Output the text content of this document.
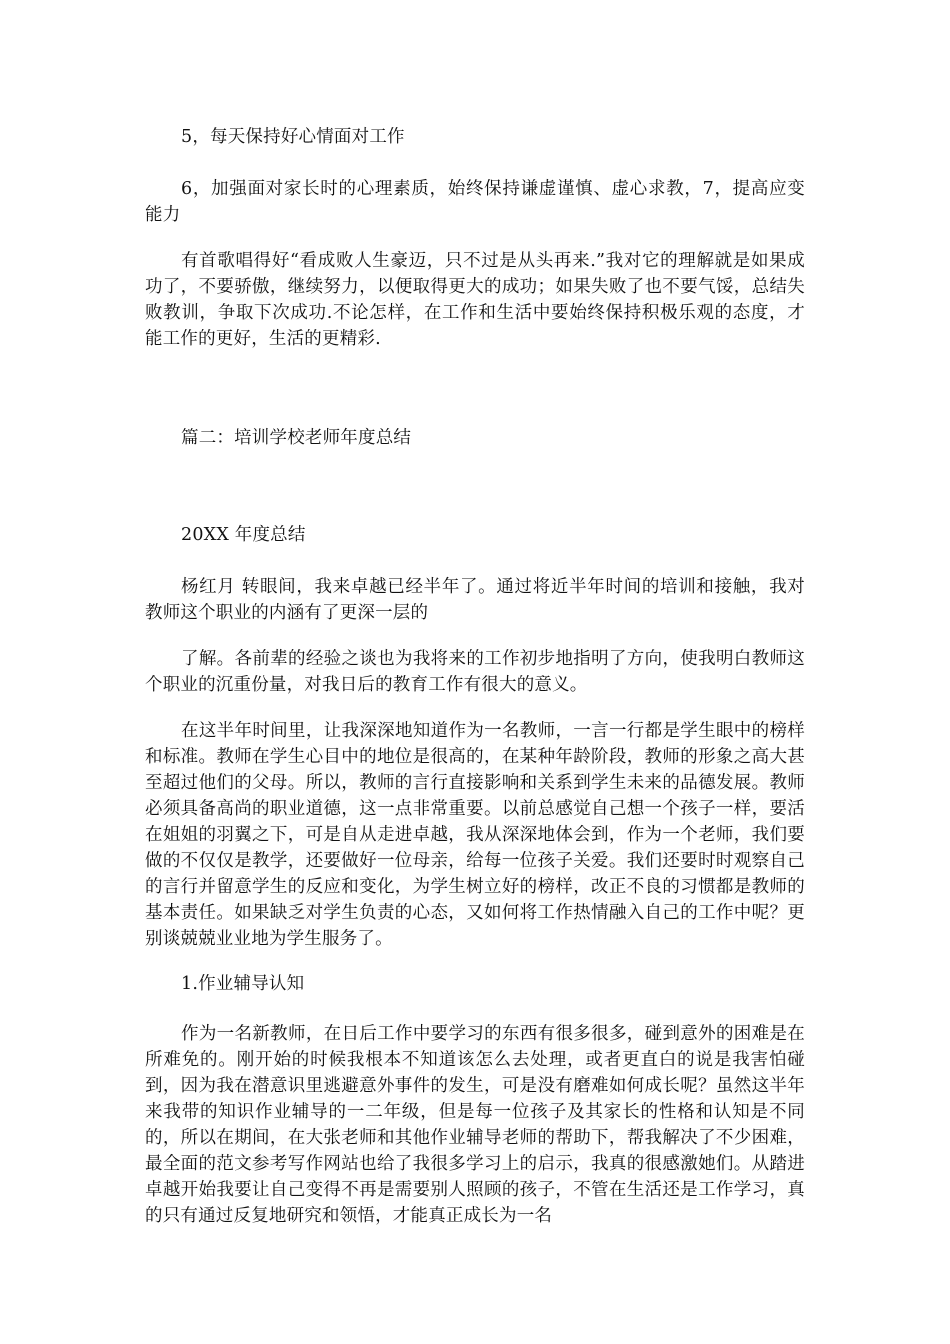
5，每天保持好心情面对工作

6，加强面对家长时的心理素质，始终保持谦虚谨慎、虚心求教，7，提高应变能力

有首歌唱得好“看成败人生豪迈，只不过是从头再来.”我对它的理解就是如果成功了，不要骄傲，继续努力，以便取得更大的成功；如果失败了也不要气馁，总结失败教训，争取下次成功.不论怎样，在工作和生活中要始终保持积极乐观的态度，才能工作的更好，生活的更精彩.

篇二：培训学校老师年度总结

20XX 年度总结

杨红月 转眼间，我来卓越已经半年了。通过将近半年时间的培训和接触，我对教师这个职业的内涵有了更深一层的

了解。各前辈的经验之谈也为我将来的工作初步地指明了方向，使我明白教师这个职业的沉重份量，对我日后的教育工作有很大的意义。

在这半年时间里，让我深深地知道作为一名教师，一言一行都是学生眼中的榜样和标准。教师在学生心目中的地位是很高的，在某种年龄阶段，教师的形象之高大甚至超过他们的父母。所以，教师的言行直接影响和关系到学生未来的品德发展。教师必须具备高尚的职业道德，这一点非常重要。以前总感觉自己想一个孩子一样，要活在姐姐的羽翼之下，可是自从走进卓越，我从深深地体会到，作为一个老师，我们要做的不仅仅是教学，还要做好一位母亲，给每一位孩子关爱。我们还要时时观察自己的言行并留意学生的反应和变化，为学生树立好的榜样，改正不良的习惯都是教师的基本责任。如果缺乏对学生负责的心态，又如何将工作热情融入自己的工作中呢？更别谈兢兢业业地为学生服务了。

1.作业辅导认知

作为一名新教师，在日后工作中要学习的东西有很多很多，碰到意外的困难是在所难免的。刚开始的时候我根本不知道该怎么去处理，或者更直白的说是我害怕碰到，因为我在潜意识里逃避意外事件的发生，可是没有磨难如何成长呢？虽然这半年来我带的知识作业辅导的一二年级，但是每一位孩子及其家长的性格和认知是不同的，所以在期间，在大张老师和其他作业辅导老师的帮助下，帮我解决了不少困难，最全面的范文参考写作网站也给了我很多学习上的启示，我真的很感激她们。从踏进卓越开始我要让自己变得不再是需要别人照顾的孩子，不管在生活还是工作学习，真的只有通过反复地研究和领悟，才能真正成长为一名
